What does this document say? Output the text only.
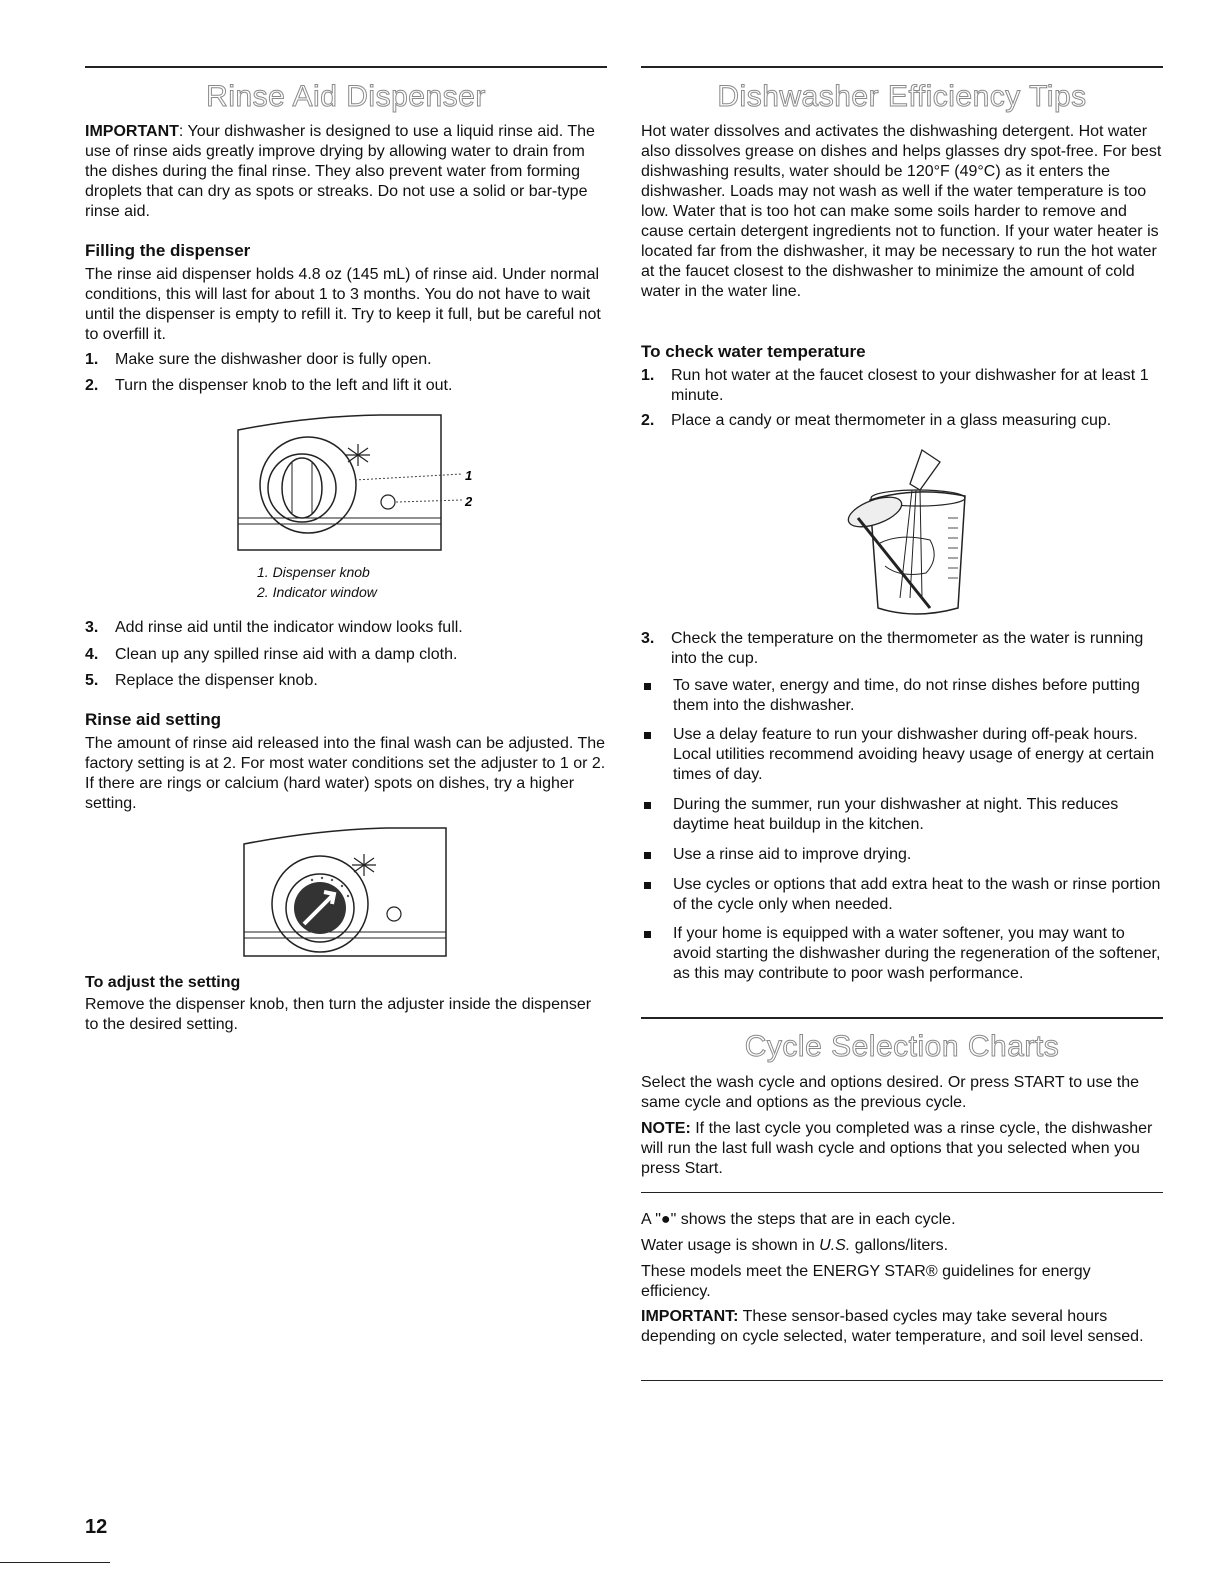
Rinse Aid Dispenser

IMPORTANT: Your dishwasher is designed to use a liquid rinse aid. The use of rinse aids greatly improve drying by allowing water to drain from the dishes during the final rinse. They also prevent water from forming droplets that can dry as spots or streaks. Do not use a solid or bar-type rinse aid.

Filling the dispenser

The rinse aid dispenser holds 4.8 oz (145 mL) of rinse aid. Under normal conditions, this will last for about 1 to 3 months. You do not have to wait until the dispenser is empty to refill it. Try to keep it full, but be careful not to overfill it.

1. Make sure the dishwasher door is fully open.
2. Turn the dispenser knob to the left and lift it out.
1
2
1. Dispenser knob
2. Indicator window
3. Add rinse aid until the indicator window looks full.
4. Clean up any spilled rinse aid with a damp cloth.
5. Replace the dispenser knob.
Rinse aid setting

The amount of rinse aid released into the final wash can be adjusted. The factory setting is at 2. For most water conditions set the adjuster to 1 or 2. If there are rings or calcium (hard water) spots on dishes, try a higher setting.

To adjust the setting

Remove the dispenser knob, then turn the adjuster inside the dispenser to the desired setting.

Dishwasher Efficiency Tips

Hot water dissolves and activates the dishwashing detergent. Hot water also dissolves grease on dishes and helps glasses dry spot-free. For best dishwashing results, water should be 120°F (49°C) as it enters the dishwasher. Loads may not wash as well if the water temperature is too low. Water that is too hot can make some soils harder to remove and cause certain detergent ingredients not to function. If your water heater is located far from the dishwasher, it may be necessary to run the hot water at the faucet closest to the dishwasher to minimize the amount of cold water in the water line.

To check water temperature
1. Run hot water at the faucet closest to your dishwasher for at least 1 minute.
2. Place a candy or meat thermometer in a glass measuring cup.
3. Check the temperature on the thermometer as the water is running into the cup.
To save water, energy and time, do not rinse dishes before putting them into the dishwasher.
Use a delay feature to run your dishwasher during off-peak hours. Local utilities recommend avoiding heavy usage of energy at certain times of day.
During the summer, run your dishwasher at night. This reduces daytime heat buildup in the kitchen.
Use a rinse aid to improve drying.
Use cycles or options that add extra heat to the wash or rinse portion of the cycle only when needed.
If your home is equipped with a water softener, you may want to avoid starting the dishwasher during the regeneration of the softener, as this may contribute to poor wash performance.
Cycle Selection Charts

Select the wash cycle and options desired. Or press START to use the same cycle and options as the previous cycle.

NOTE: If the last cycle you completed was a rinse cycle, the dishwasher will run the last full wash cycle and options that you selected when you press Start.

A "●" shows the steps that are in each cycle.

Water usage is shown in U.S. gallons/liters.

These models meet the ENERGY STAR® guidelines for energy efficiency.

IMPORTANT: These sensor-based cycles may take several hours depending on cycle selected, water temperature, and soil level sensed.

12
